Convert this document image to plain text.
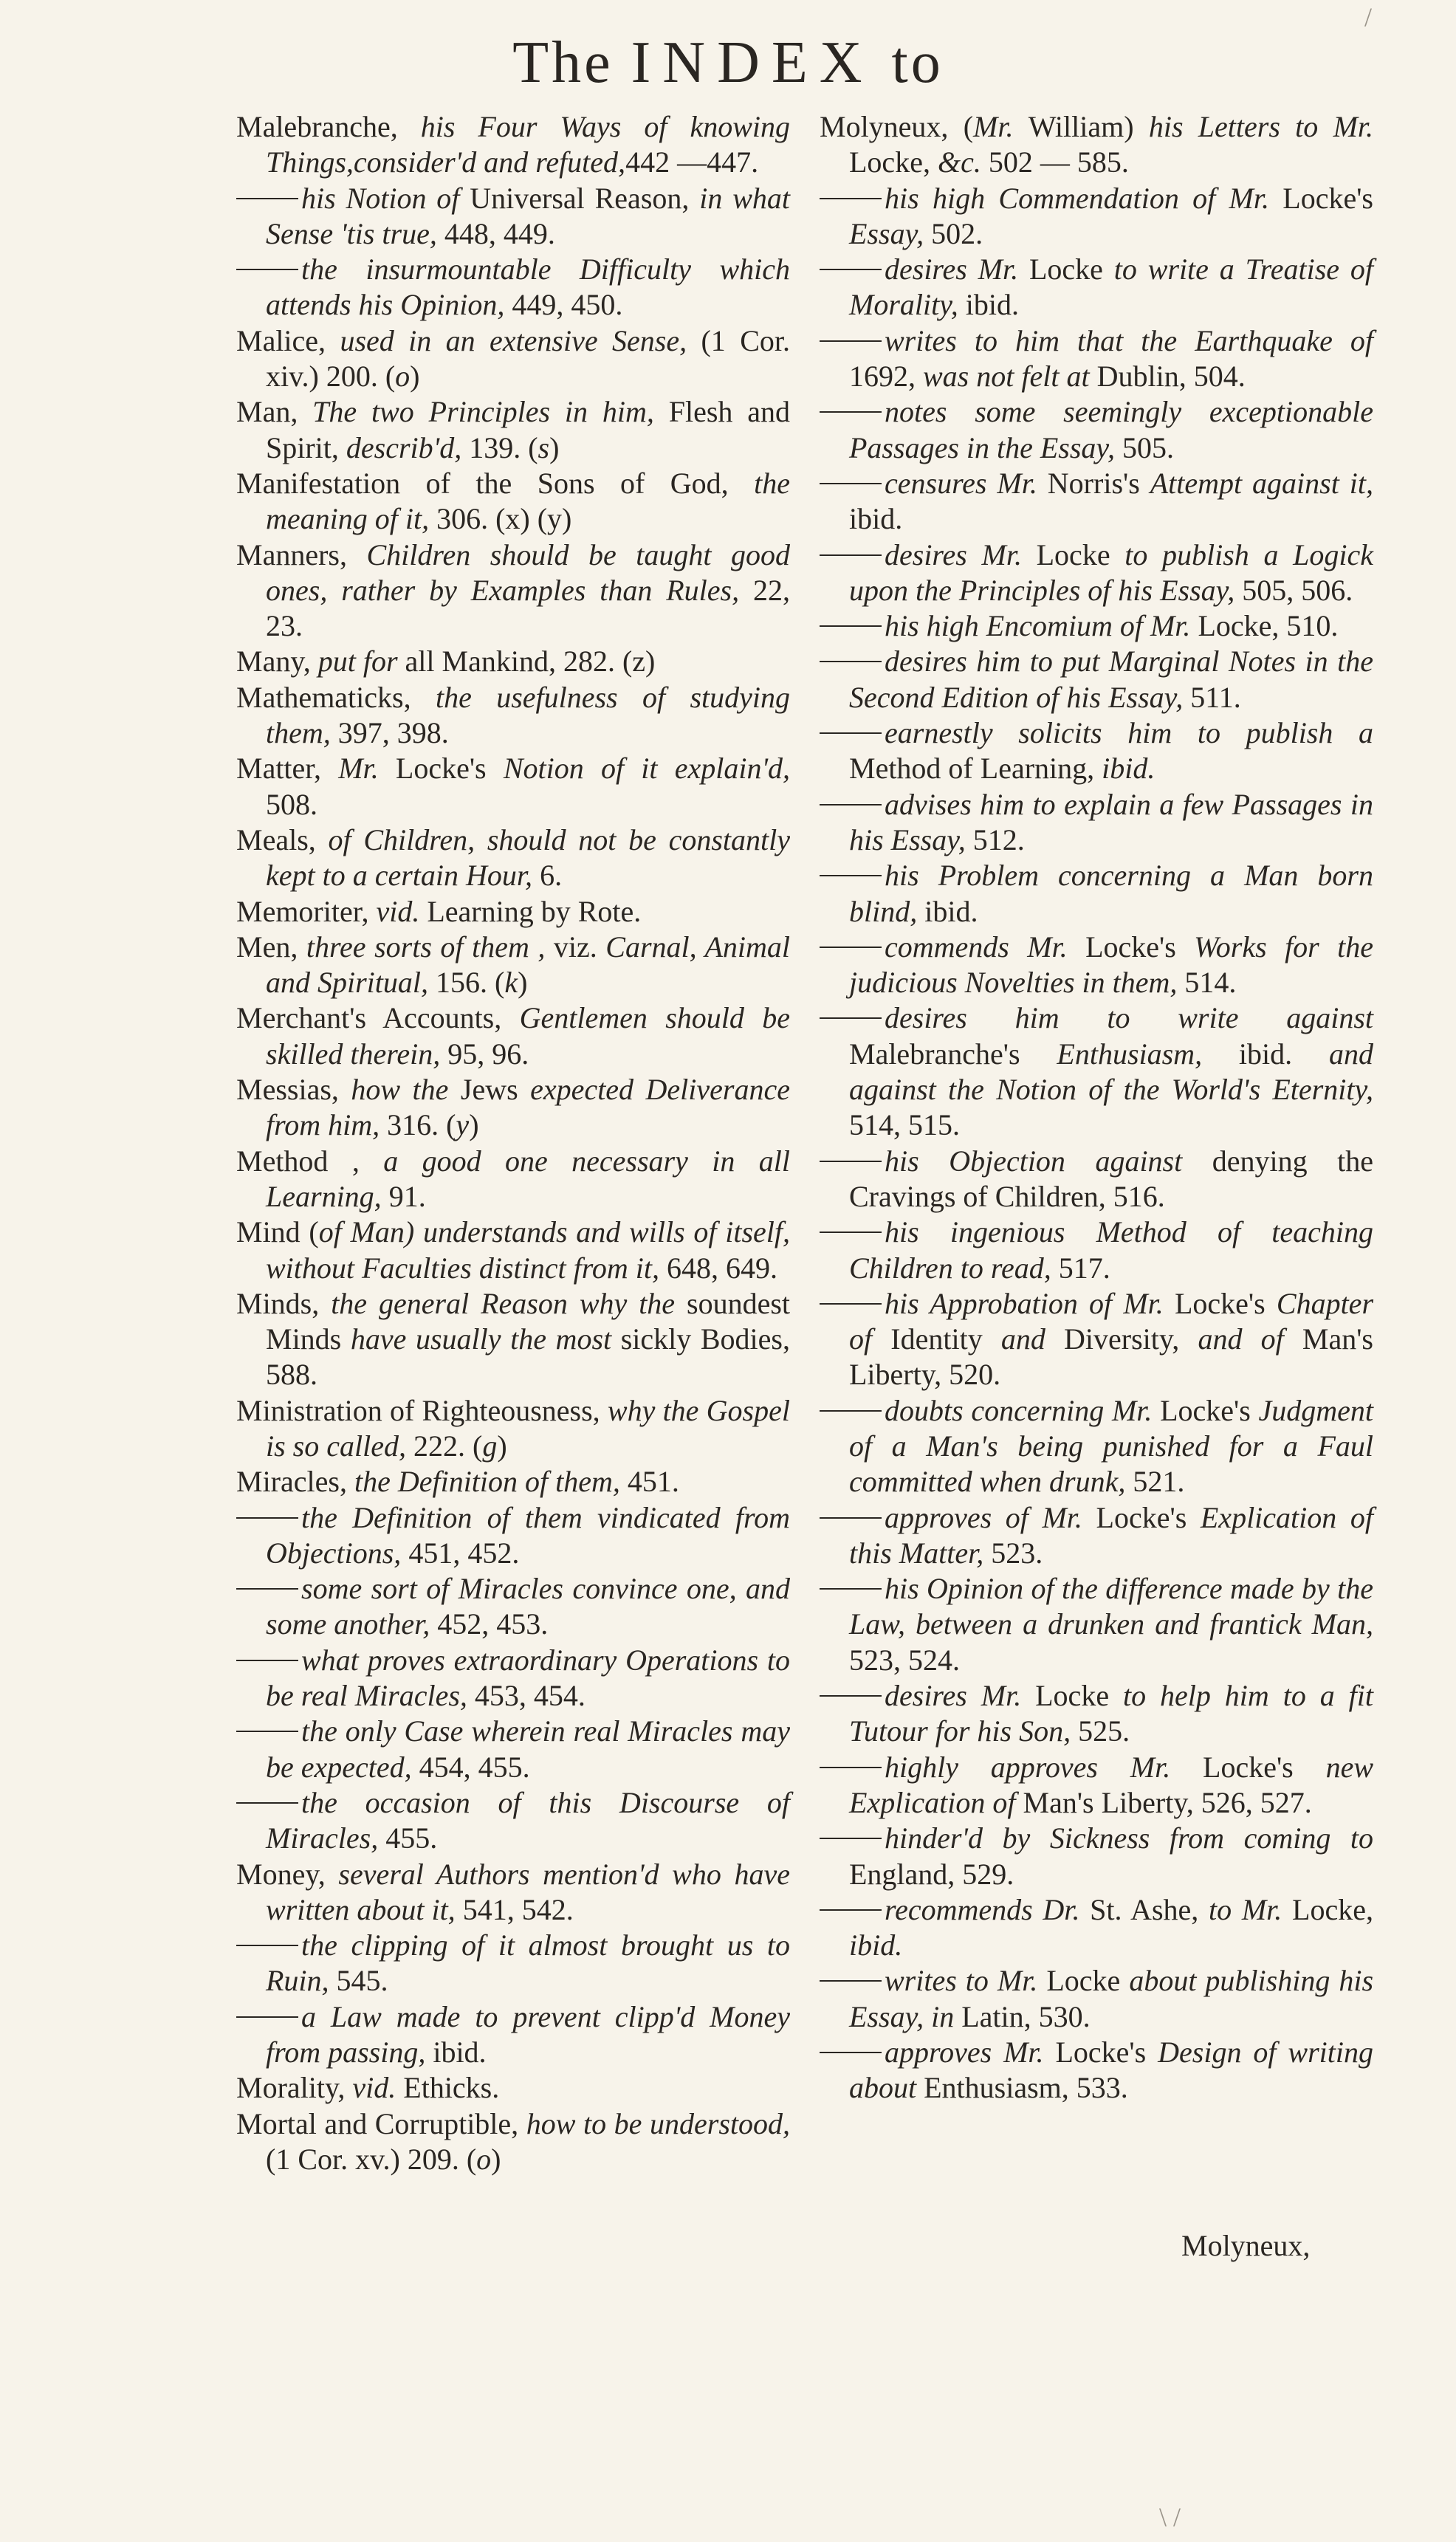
The INDEX to
Malebranche, his Four Ways of knowing Things,consider'd and refuted,442 —447.
his Notion of Universal Reason, in what Sense 'tis true, 448, 449.
the insurmountable Difficulty which attends his Opinion, 449, 450.
Malice, used in an extensive Sense, (1 Cor. xiv.) 200. (o)
Man, The two Principles in him, Flesh and Spirit, describ'd, 139. (s)
Manifestation of the Sons of God, the meaning of it, 306. (x) (y)
Manners, Children should be taught good ones, rather by Examples than Rules, 22, 23.
Many, put for all Mankind, 282. (z)
Mathematicks, the usefulness of studying them, 397, 398.
Matter, Mr. Locke's Notion of it explain'd, 508.
Meals, of Children, should not be constantly kept to a certain Hour, 6.
Memoriter, vid. Learning by Rote.
Men, three sorts of them , viz. Carnal, Animal and Spiritual, 156. (k)
Merchant's Accounts, Gentlemen should be skilled therein, 95, 96.
Messias, how the Jews expected Deliverance from him, 316. (y)
Method , a good one necessary in all Learning, 91.
Mind (of Man) understands and wills of itself, without Faculties distinct from it, 648, 649.
Minds, the general Reason why the soundest Minds have usually the most sickly Bodies, 588.
Ministration of Righteousness, why the Gospel is so called, 222. (g)
Miracles, the Definition of them, 451.
the Definition of them vindicated from Objections, 451, 452.
some sort of Miracles convince one, and some another, 452, 453.
what proves extraordinary Operations to be real Miracles, 453, 454.
the only Case wherein real Miracles may be expected, 454, 455.
the occasion of this Discourse of Miracles, 455.
Money, several Authors mention'd who have written about it, 541, 542.
the clipping of it almost brought us to Ruin, 545.
a Law made to prevent clipp'd Money from passing, ibid.
Morality, vid. Ethicks.
Mortal and Corruptible, how to be understood, (1 Cor. xv.) 209. (o)
Molyneux, (Mr. William) his Letters to Mr. Locke, &c. 502 — 585.
his high Commendation of Mr. Locke's Essay, 502.
desires Mr. Locke to write a Treatise of Morality, ibid.
writes to him that the Earthquake of 1692, was not felt at Dublin, 504.
notes some seemingly exceptionable Passages in the Essay, 505.
censures Mr. Norris's Attempt against it, ibid.
desires Mr. Locke to publish a Logick upon the Principles of his Essay, 505, 506.
his high Encomium of Mr. Locke, 510.
desires him to put Marginal Notes in the Second Edition of his Essay, 511.
earnestly solicits him to publish a Method of Learning, ibid.
advises him to explain a few Passages in his Essay, 512.
his Problem concerning a Man born blind, ibid.
commends Mr. Locke's Works for the judicious Novelties in them, 514.
desires him to write against Malebranche's Enthusiasm, ibid. and against the Notion of the World's Eternity, 514, 515.
his Objection against denying the Cravings of Children, 516.
his ingenious Method of teaching Children to read, 517.
his Approbation of Mr. Locke's Chapter of Identity and Diversity, and of Man's Liberty, 520.
doubts concerning Mr. Locke's Judgment of a Man's being punished for a Faul committed when drunk, 521.
approves of Mr. Locke's Explication of this Matter, 523.
his Opinion of the difference made by the Law, between a drunken and frantick Man, 523, 524.
desires Mr. Locke to help him to a fit Tutour for his Son, 525.
highly approves Mr. Locke's new Explication of Man's Liberty, 526, 527.
hinder'd by Sickness from coming to England, 529.
recommends Dr. St. Ashe, to Mr. Locke, ibid.
writes to Mr. Locke about publishing his Essay, in Latin, 530.
approves Mr. Locke's Design of writing about Enthusiasm, 533.
Molyneux,
/
\ /
